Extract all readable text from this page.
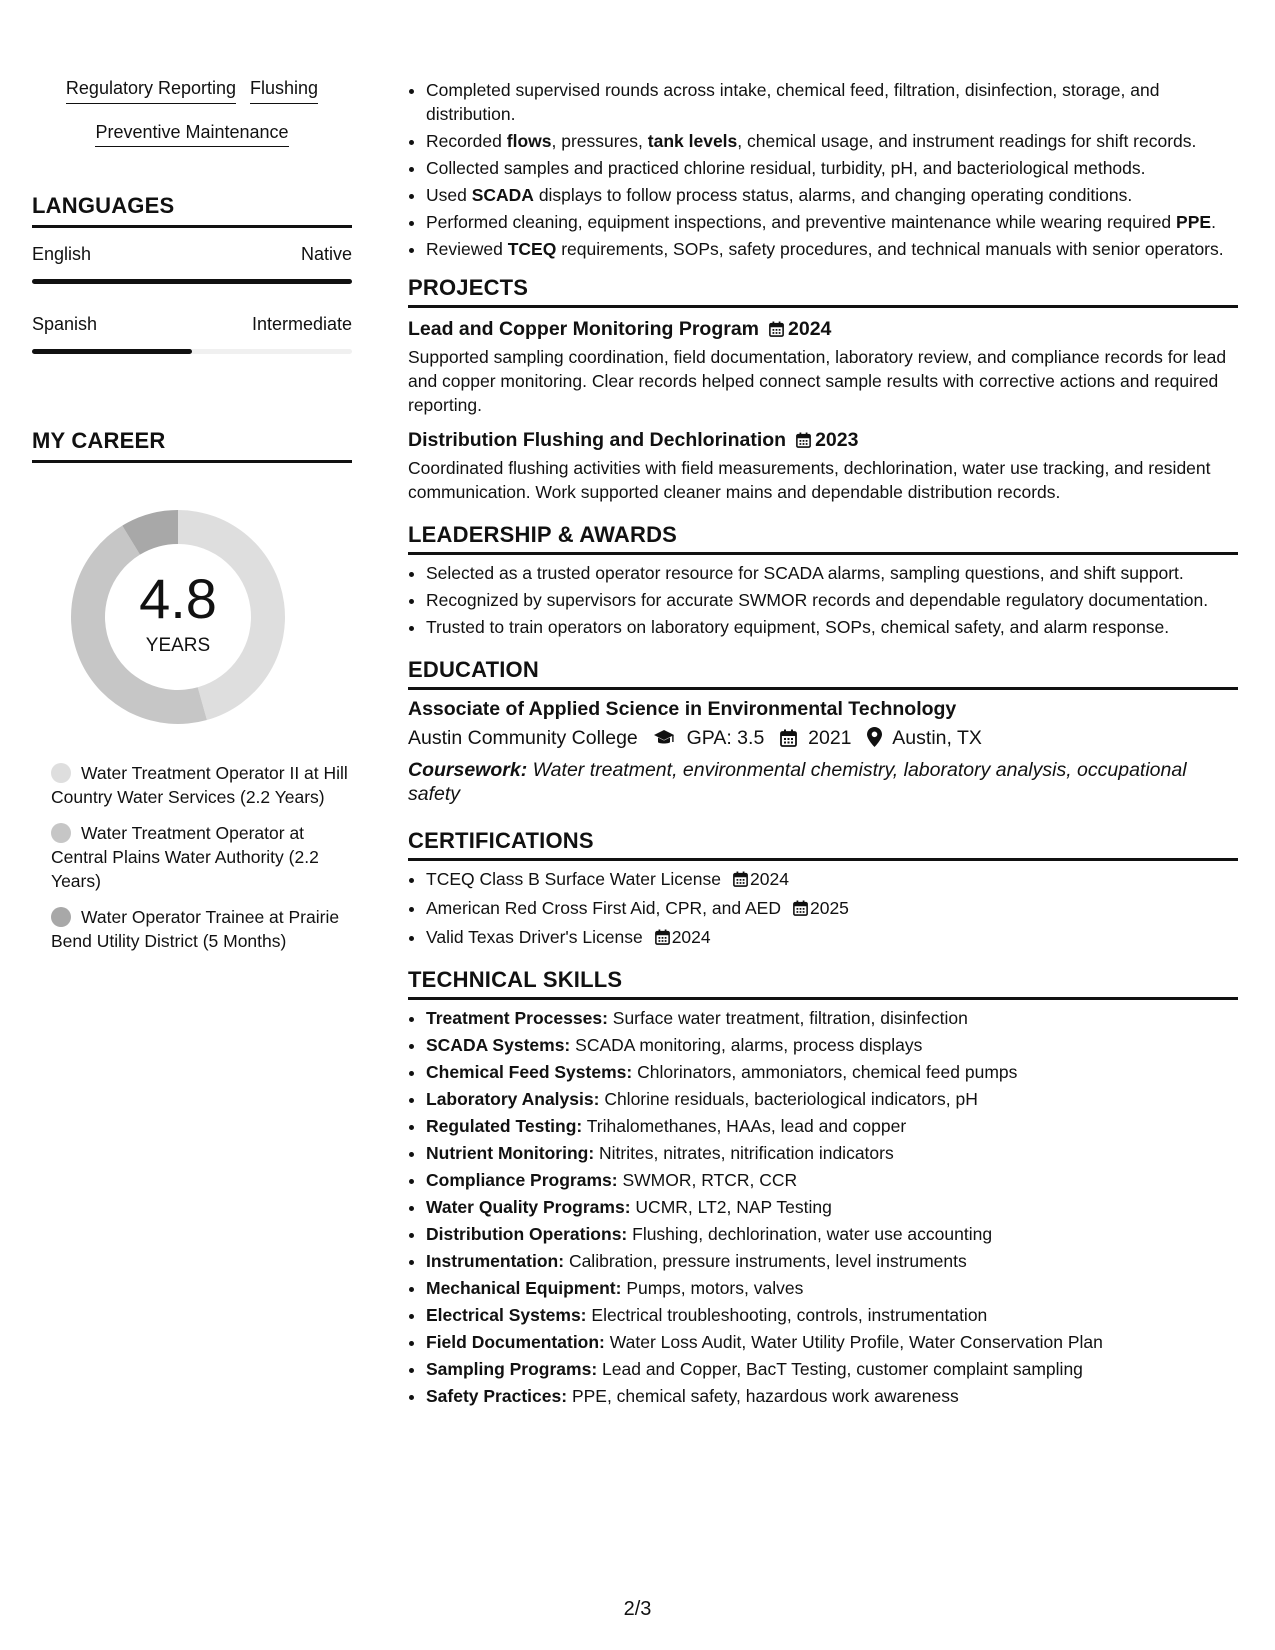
Regulatory Reporting Flushing
Preventive Maintenance
LANGUAGES
English	Native
Spanish	Intermediate
MY CAREER
4.8
YEARS
Water Treatment Operator II at Hill Country Water Services (2.2 Years)
Water Treatment Operator at Central Plains Water Authority (2.2 Years)
Water Operator Trainee at Prairie Bend Utility District (5 Months)
• Completed supervised rounds across intake, chemical feed, filtration, disinfection, storage, and distribution.
• Recorded flows, pressures, tank levels, chemical usage, and instrument readings for shift records.
• Collected samples and practiced chlorine residual, turbidity, pH, and bacteriological methods.
• Used SCADA displays to follow process status, alarms, and changing operating conditions.
• Performed cleaning, equipment inspections, and preventive maintenance while wearing required PPE.
• Reviewed TCEQ requirements, SOPs, safety procedures, and technical manuals with senior operators.
PROJECTS
Lead and Copper Monitoring Program 2024
Supported sampling coordination, field documentation, laboratory review, and compliance records for lead and copper monitoring. Clear records helped connect sample results with corrective actions and required reporting.
Distribution Flushing and Dechlorination 2023
Coordinated flushing activities with field measurements, dechlorination, water use tracking, and resident communication. Work supported cleaner mains and dependable distribution records.
LEADERSHIP & AWARDS
• Selected as a trusted operator resource for SCADA alarms, sampling questions, and shift support.
• Recognized by supervisors for accurate SWMOR records and dependable regulatory documentation.
• Trusted to train operators on laboratory equipment, SOPs, chemical safety, and alarm response.
EDUCATION
Associate of Applied Science in Environmental Technology
Austin Community College	GPA: 3.5 2021 Austin, TX
Coursework: Water treatment, environmental chemistry, laboratory analysis, occupational safety
CERTIFICATIONS
• TCEQ Class B Surface Water License 2024
• American Red Cross First Aid, CPR, and AED 2025
• Valid Texas Driver's License 2024
TECHNICAL SKILLS
• Treatment Processes: Surface water treatment, filtration, disinfection
• SCADA Systems: SCADA monitoring, alarms, process displays
• Chemical Feed Systems: Chlorinators, ammoniators, chemical feed pumps
• Laboratory Analysis: Chlorine residuals, bacteriological indicators, pH
• Regulated Testing: Trihalomethanes, HAAs, lead and copper
• Nutrient Monitoring: Nitrites, nitrates, nitrification indicators
• Compliance Programs: SWMOR, RTCR, CCR
• Water Quality Programs: UCMR, LT2, NAP Testing
• Distribution Operations: Flushing, dechlorination, water use accounting
• Instrumentation: Calibration, pressure instruments, level instruments
• Mechanical Equipment: Pumps, motors, valves
• Electrical Systems: Electrical troubleshooting, controls, instrumentation
• Field Documentation: Water Loss Audit, Water Utility Profile, Water Conservation Plan
• Sampling Programs: Lead and Copper, BacT Testing, customer complaint sampling
• Safety Practices: PPE, chemical safety, hazardous work awareness
2/3
